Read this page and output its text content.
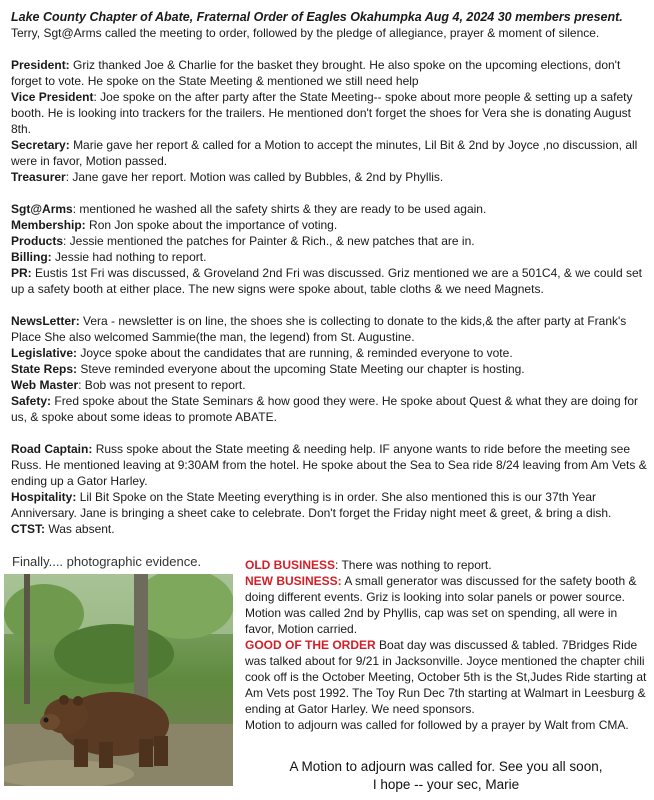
Lake County Chapter of Abate, Fraternal Order of Eagles Okahumpka Aug 4, 2024 30 members present.

Terry, Sgt@Arms called the meeting to order, followed by the pledge of allegiance, prayer & moment of silence.

President: Griz thanked Joe & Charlie for the basket they brought. He also spoke on the upcoming elections, don't forget to vote. He spoke on the State Meeting & mentioned we still need help

Vice President: Joe spoke on the after party after the State Meeting-- spoke about more people & setting up a safety booth. He is looking into trackers for the trailers. He mentioned don't forget the shoes for Vera she is donating August 8th.

Secretary: Marie gave her report & called for a Motion to accept the minutes, Lil Bit & 2nd by Joyce ,no discussion, all were in favor, Motion passed.

Treasurer: Jane gave her report. Motion was called by Bubbles, & 2nd by Phyllis.

Sgt@Arms: mentioned he washed all the safety shirts & they are ready to be used again.

Membership: Ron Jon spoke about the importance of voting.

Products: Jessie mentioned the patches for Painter & Rich., & new patches that are in.

Billing: Jessie had nothing to report.

PR: Eustis 1st Fri was discussed, & Groveland 2nd Fri was discussed. Griz mentioned we are a 501C4, & we could set up a safety booth at either place. The new signs were spoke about, table cloths & we need Magnets.

NewsLetter: Vera - newsletter is on line, the shoes she is collecting to donate to the kids,& the after party at Frank's Place She also welcomed Sammie(the man, the legend) from St. Augustine.

Legislative: Joyce spoke about the candidates that are running, & reminded everyone to vote.

State Reps: Steve reminded everyone about the upcoming State Meeting our chapter is hosting.

Web Master: Bob was not present to report.

Safety: Fred spoke about the State Seminars & how good they were. He spoke about Quest & what they are doing for us, & spoke about some ideas to promote ABATE.

Road Captain: Russ spoke about the State meeting & needing help. IF anyone wants to ride before the meeting see Russ. He mentioned leaving at 9:30AM from the hotel. He spoke about the Sea to Sea ride 8/24 leaving from Am Vets & ending up a Gator Harley.

Hospitality: Lil Bit Spoke on the State Meeting everything is in order. She also mentioned this is our 37th Year Anniversary. Jane is bringing a sheet cake to celebrate. Don't forget the Friday night meet & greet, & bring a dish.

CTST: Was absent.

Finally.... photographic evidence.	OLD BUSINESS: There was nothing to report.

NEW BUSINESS: A small generator was discussed for the safety booth & doing different events. Griz is looking into solar panels or power source. Motion was called 2nd by Phyllis, cap was set on spending, all were in favor, Motion carried.

GOOD OF THE ORDER Boat day was discussed & tabled. 7Bridges Ride was talked about for 9/21 in Jacksonville. Joyce mentioned the chapter chili cook off is the October Meeting, October 5th is the St,Judes Ride starting at Am Vets post 1992. The Toy Run Dec 7th starting at Walmart in Leesburg & ending at Gator Harley. We need sponsors.

Motion to adjourn was called for followed by a prayer by Walt from CMA.

A Motion to adjourn was called for. See you all soon,
I hope -- your sec, Marie
